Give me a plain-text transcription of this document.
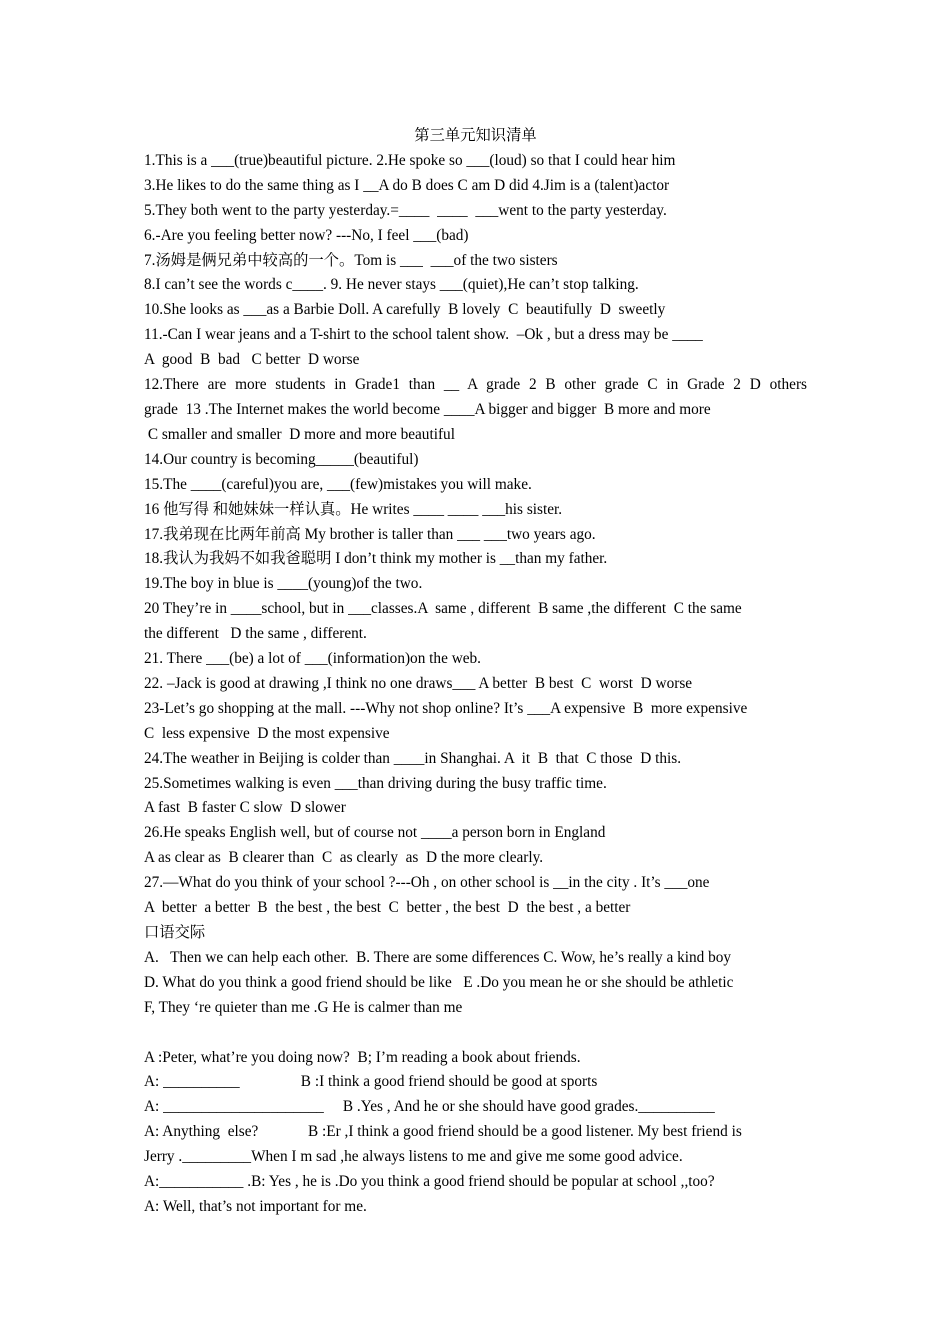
第三单元知识清单
1.This is a ___(true)beautiful picture. 2.He spoke so ___(loud) so that I could hear him
3.He likes to do the same thing as I __A do B does C am D did 4.Jim is a (talent)actor
5.They both went to the party yesterday.=____  ____  ___went to the party yesterday.
6.-Are you feeling better now? ---No, I feel ___(bad)
7.汤姆是俩兄弟中较高的一个。Tom is ___  ___of the two sisters
8.I can’t see the words c____. 9. He never stays ___(quiet),He can’t stop talking.
10.She looks as ___as a Barbie Doll. A carefully  B lovely  C  beautifully  D  sweetly
11.-Can I wear jeans and a T-shirt to the school talent show.  –Ok , but a dress may be ____
A  good  B  bad   C better  D worse
12.There are more students in Grade1 than __ A grade 2 B other grade C in Grade 2 D others
grade  13 .The Internet makes the world become ____A bigger and bigger  B more and more
C smaller and smaller  D more and more beautiful
14.Our country is becoming_____(beautiful)
15.The ____(careful)you are, ___(few)mistakes you will make.
16 他写得 和她妹妹一样认真。He writes ____ ____ ___his sister.
17.我弟现在比两年前高 My brother is taller than ___ ___two years ago.
18.我认为我妈不如我爸聪明 I don’t think my mother is __than my father.
19.The boy in blue is ____(young)of the two.
20 They’re in ____school, but in ___classes.A  same , different  B same ,the different  C the same
the different   D the same , different.
21. There ___(be) a lot of ___(information)on the web.
22. –Jack is good at drawing ,I think no one draws___ A better  B best  C  worst  D worse
23-Let’s go shopping at the mall. ---Why not shop online? It’s ___A expensive  B  more expensive
C  less expensive  D the most expensive
24.The weather in Beijing is colder than ____in Shanghai. A  it  B  that  C those  D this.
25.Sometimes walking is even ___than driving during the busy traffic time.
A fast  B faster C slow  D slower
26.He speaks English well, but of course not ____a person born in England
A as clear as  B clearer than  C  as clearly  as  D the more clearly.
27.—What do you think of your school ?---Oh , on other school is __in the city . It’s ___one
A  better  a better  B  the best , the best  C  better , the best  D  the best , a better
口语交际
A.   Then we can help each other.  B. There are some differences C. Wow, he’s really a kind boy
D. What do you think a good friend should be like   E .Do you mean he or she should be athletic
F, They ‘re quieter than me .G He is calmer than me
A :Peter, what’re you doing now?  B; I’m reading a book about friends.
A: __________                B :I think a good friend should be good at sports
A: _____________________     B .Yes , And he or she should have good grades.__________
A: Anything  else?             B :Er ,I think a good friend should be a good listener. My best friend is
Jerry ._________When I m sad ,he always listens to me and give me some good advice.
A:___________ .B: Yes , he is .Do you think a good friend should be popular at school ,,too?
A: Well, that’s not important for me.
